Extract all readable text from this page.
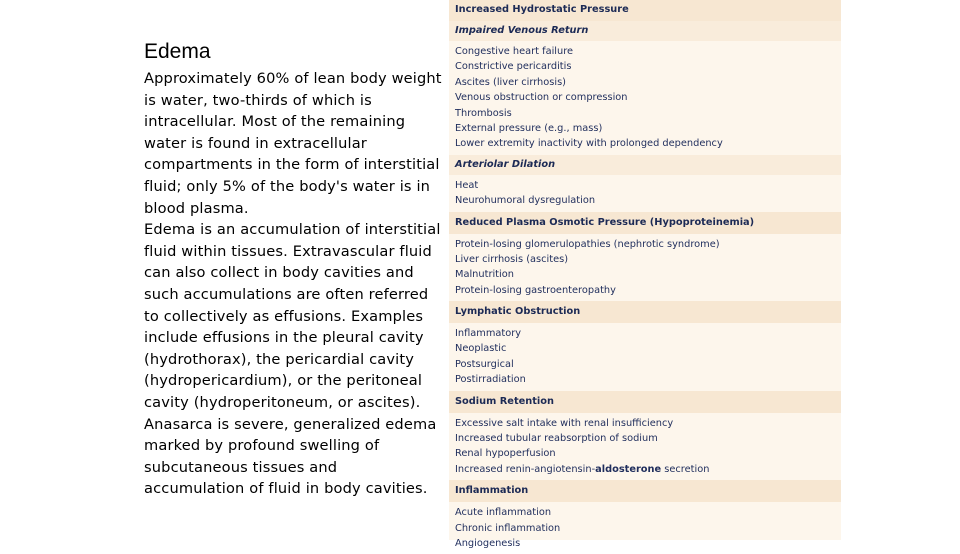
Edema

Approximately 60% of lean body weight is water, two-thirds of which is intracellular. Most of the remaining water is found in extracellular compartments in the form of interstitial fluid; only 5% of the body's water is in blood plasma.

Edema is an accumulation of interstitial fluid within tissues. Extravascular fluid can also collect in body cavities and such accumulations are often referred to collectively as effusions. Examples include effusions in the pleural cavity (hydrothorax), the pericardial cavity (hydropericardium), or the peritoneal cavity (hydroperitoneum, or ascites). Anasarca is severe, generalized edema marked by profound swelling of subcutaneous tissues and accumulation of fluid in body cavities.

Increased Hydrostatic Pressure
Impaired Venous Return
Congestive heart failure
Constrictive pericarditis
Ascites (liver cirrhosis)
Venous obstruction or compression
Thrombosis
External pressure (e.g., mass)
Lower extremity inactivity with prolonged dependency
Arteriolar Dilation
Heat
Neurohumoral dysregulation
Reduced Plasma Osmotic Pressure (Hypoproteinemia)
Protein-losing glomerulopathies (nephrotic syndrome)
Liver cirrhosis (ascites)
Malnutrition
Protein-losing gastroenteropathy
Lymphatic Obstruction
Inflammatory
Neoplastic
Postsurgical
Postirradiation
Sodium Retention
Excessive salt intake with renal insufficiency
Increased tubular reabsorption of sodium
Renal hypoperfusion
Increased renin-angiotensin-aldosterone secretion
Inflammation
Acute inflammation
Chronic inflammation
Angiogenesis
